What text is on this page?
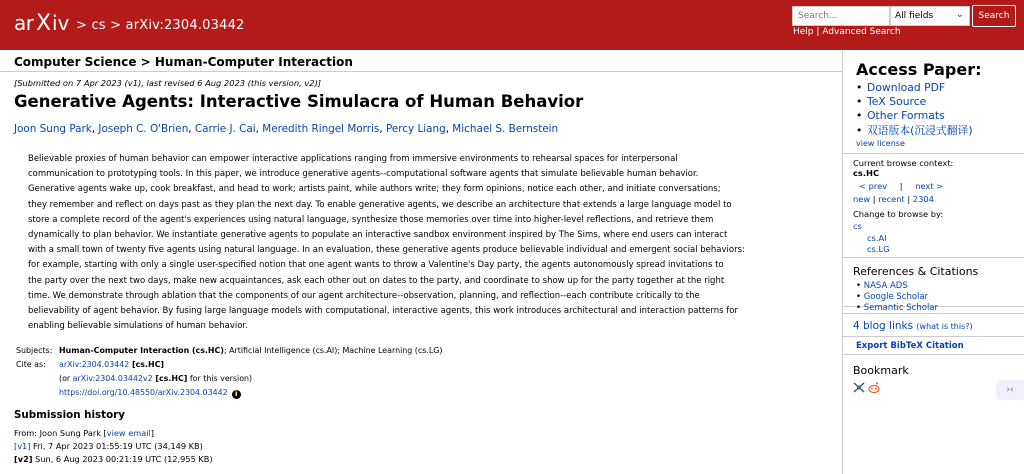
ar X iv > cs > arXiv:2304.03442
Search...	All fields ⌄	Search
Help | Advanced Search
Computer Science > Human-Computer Interaction
[Submitted on 7 Apr 2023 (v1), last revised 6 Aug 2023 (this version, v2)]
Generative Agents: Interactive Simulacra of Human Behavior
Joon Sung Park, Joseph C. O'Brien, Carrie J. Cai, Meredith Ringel Morris, Percy Liang, Michael S. Bernstein
Believable proxies of human behavior can empower interactive applications ranging from immersive environments to rehearsal spaces for interpersonal
communication to prototyping tools. In this paper, we introduce generative agents--computational software agents that simulate believable human behavior.
Generative agents wake up, cook breakfast, and head to work; artists paint, while authors write; they form opinions, notice each other, and initiate conversations;
they remember and reflect on days past as they plan the next day. To enable generative agents, we describe an architecture that extends a large language model to
store a complete record of the agent's experiences using natural language, synthesize those memories over time into higher-level reflections, and retrieve them
dynamically to plan behavior. We instantiate generative agents to populate an interactive sandbox environment inspired by The Sims, where end users can interact
with a small town of twenty five agents using natural language. In an evaluation, these generative agents produce believable individual and emergent social behaviors:
for example, starting with only a single user-specified notion that one agent wants to throw a Valentine's Day party, the agents autonomously spread invitations to
the party over the next two days, make new acquaintances, ask each other out on dates to the party, and coordinate to show up for the party together at the right
time. We demonstrate through ablation that the components of our agent architecture--observation, planning, and reflection--each contribute critically to the
believability of agent behavior. By fusing large language models with computational, interactive agents, this work introduces architectural and interaction patterns for
enabling believable simulations of human behavior.
Subjects: Human-Computer Interaction (cs.HC); Artificial Intelligence (cs.AI); Machine Learning (cs.LG)
Cite as:	arXiv:2304.03442 [cs.HC]
(or arXiv:2304.03442v2 [cs.HC] for this version)
https://doi.org/10.48550/arXiv.2304.03442 i
Submission history
From: Joon Sung Park [view email]
[v1] Fri, 7 Apr 2023 01:55:19 UTC (34,149 KB)
[v2] Sun, 6 Aug 2023 00:21:19 UTC (12,955 KB)
Access Paper:
• Download PDF
• TeX Source
• Other Formats
• 双语版本(沉浸式翻译)
view license
Current browse context:
cs.HC
< prev | next >
new | recent | 2304
Change to browse by:
cs
cs.AI
cs.LG
References & Citations
• NASA ADS
• Google Scholar
• Semantic Scholar
4 blog links (what is this?)
Export BibTeX Citation
Bookmark
›‹
